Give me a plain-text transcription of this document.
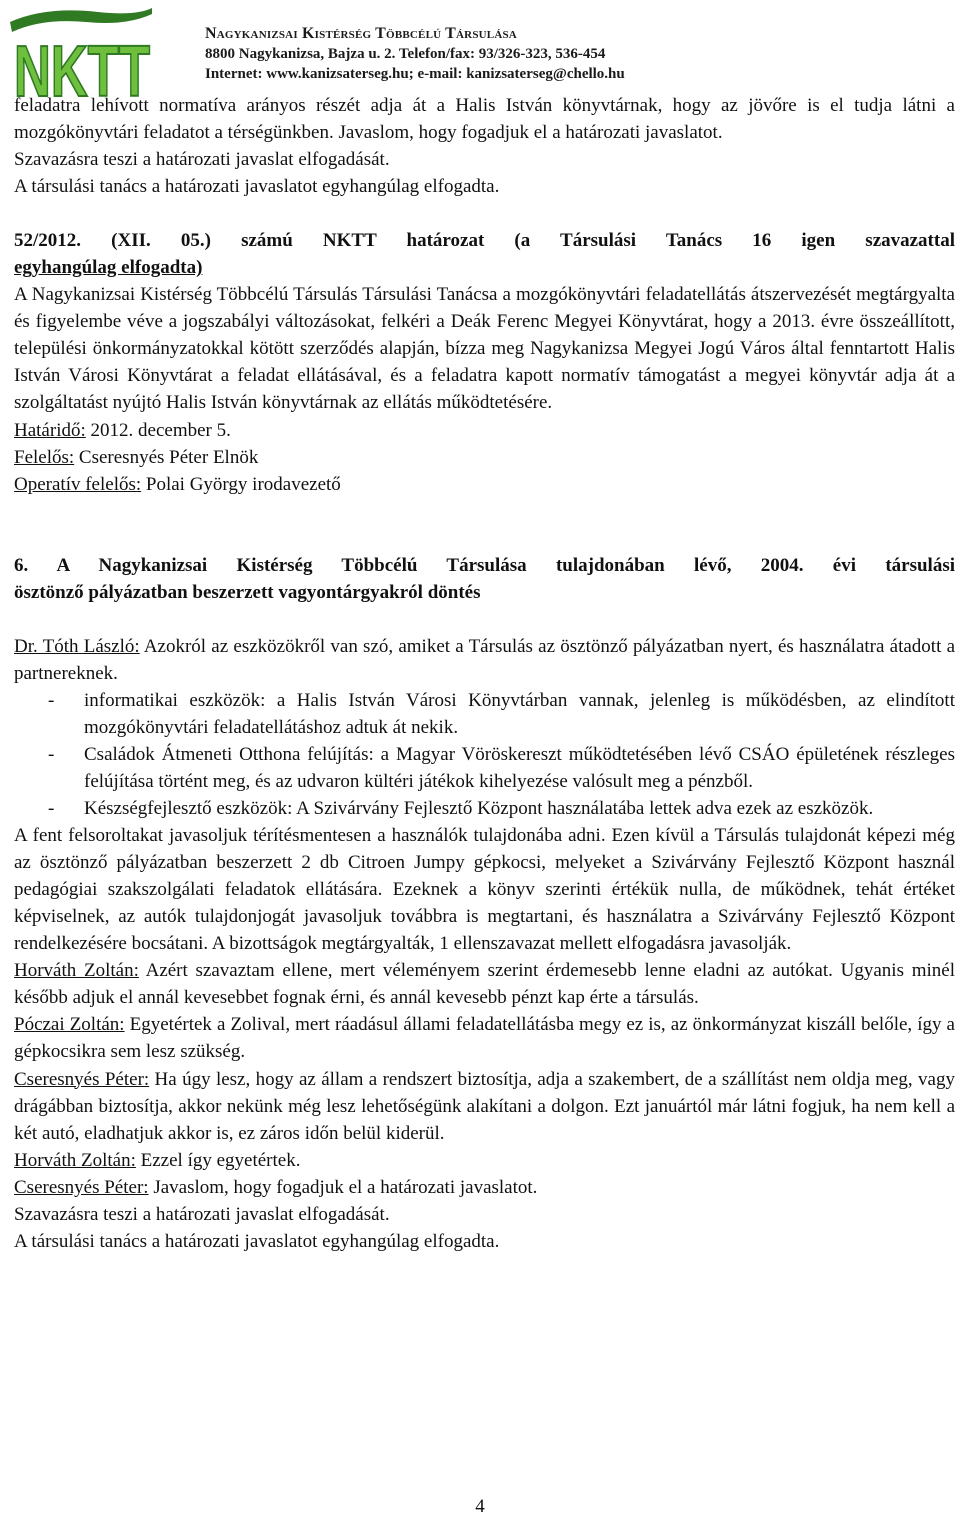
NKTT	Nagykanizsai Kistérség Többcélú Társulása
8800 Nagykanizsa, Bajza u. 2. Telefon/fax: 93/326-323, 536-454
Internet: www.kanizsaterseg.hu; e-mail: kanizsaterseg@chello.hu

feladatra lehívott normatíva arányos részét adja át a Halis István könyvtárnak, hogy az jövőre is el tudja látni a mozgókönyvtári feladatot a térségünkben. Javaslom, hogy fogadjuk el a határozati javaslatot.

Szavazásra teszi a határozati javaslat elfogadását.

A társulási tanács a határozati javaslatot egyhangúlag elfogadta.

52/2012. (XII. 05.) számú NKTT határozat (a Társulási Tanács 16 igen szavazattal

egyhangúlag elfogadta)

A Nagykanizsai Kistérség Többcélú Társulás Társulási Tanácsa a mozgókönyvtári feladatellátás átszervezését megtárgyalta és figyelembe véve a jogszabályi változásokat, felkéri a Deák Ferenc Megyei Könyvtárat, hogy a 2013. évre összeállított, települési önkormányzatokkal kötött szerződés alapján, bízza meg Nagykanizsa Megyei Jogú Város által fenntartott Halis István Városi Könyvtárat a feladat ellátásával, és a feladatra kapott normatív támogatást a megyei könyvtár adja át a szolgáltatást nyújtó Halis István könyvtárnak az ellátás működtetésére.

Határidő: 2012. december 5.

Felelős: Cseresnyés Péter Elnök

Operatív felelős: Polai György irodavezető

6. A Nagykanizsai Kistérség Többcélú Társulása tulajdonában lévő, 2004. évi társulási

ösztönző pályázatban beszerzett vagyontárgyakról döntés

Dr. Tóth László: Azokról az eszközökről van szó, amiket a Társulás az ösztönző pályázatban nyert, és használatra átadott a partnereknek.

- informatikai eszközök: a Halis István Városi Könyvtárban vannak, jelenleg is működésben, az elindított mozgókönyvtári feladatellátáshoz adtuk át nekik.
- Családok Átmeneti Otthona felújítás: a Magyar Vöröskereszt működtetésében lévő CSÁO épületének részleges felújítása történt meg, és az udvaron kültéri játékok kihelyezése valósult meg a pénzből.
- Készségfejlesztő eszközök: A Szivárvány Fejlesztő Központ használatába lettek adva ezek az eszközök.

A fent felsoroltakat javasoljuk térítésmentesen a használók tulajdonába adni. Ezen kívül a Társulás tulajdonát képezi még az ösztönző pályázatban beszerzett 2 db Citroen Jumpy gépkocsi, melyeket a Szivárvány Fejlesztő Központ használ pedagógiai szakszolgálati feladatok ellátására. Ezeknek a könyv szerinti értékük nulla, de működnek, tehát értéket képviselnek, az autók tulajdonjogát javasoljuk továbbra is megtartani, és használatra a Szivárvány Fejlesztő Központ rendelkezésére bocsátani. A bizottságok megtárgyalták, 1 ellenszavazat mellett elfogadásra javasolják.

Horváth Zoltán: Azért szavaztam ellene, mert véleményem szerint érdemesebb lenne eladni az autókat. Ugyanis minél később adjuk el annál kevesebbet fognak érni, és annál kevesebb pénzt kap érte a társulás.

Póczai Zoltán: Egyetértek a Zolival, mert ráadásul állami feladatellátásba megy ez is, az önkormányzat kiszáll belőle, így a gépkocsikra sem lesz szükség.

Cseresnyés Péter: Ha úgy lesz, hogy az állam a rendszert biztosítja, adja a szakembert, de a szállítást nem oldja meg, vagy drágábban biztosítja, akkor nekünk még lesz lehetőségünk alakítani a dolgon. Ezt januártól már látni fogjuk, ha nem kell a két autó, eladhatjuk akkor is, ez záros időn belül kiderül.

Horváth Zoltán: Ezzel így egyetértek.

Cseresnyés Péter: Javaslom, hogy fogadjuk el a határozati javaslatot.

Szavazásra teszi a határozati javaslat elfogadását.

A társulási tanács a határozati javaslatot egyhangúlag elfogadta.

4
